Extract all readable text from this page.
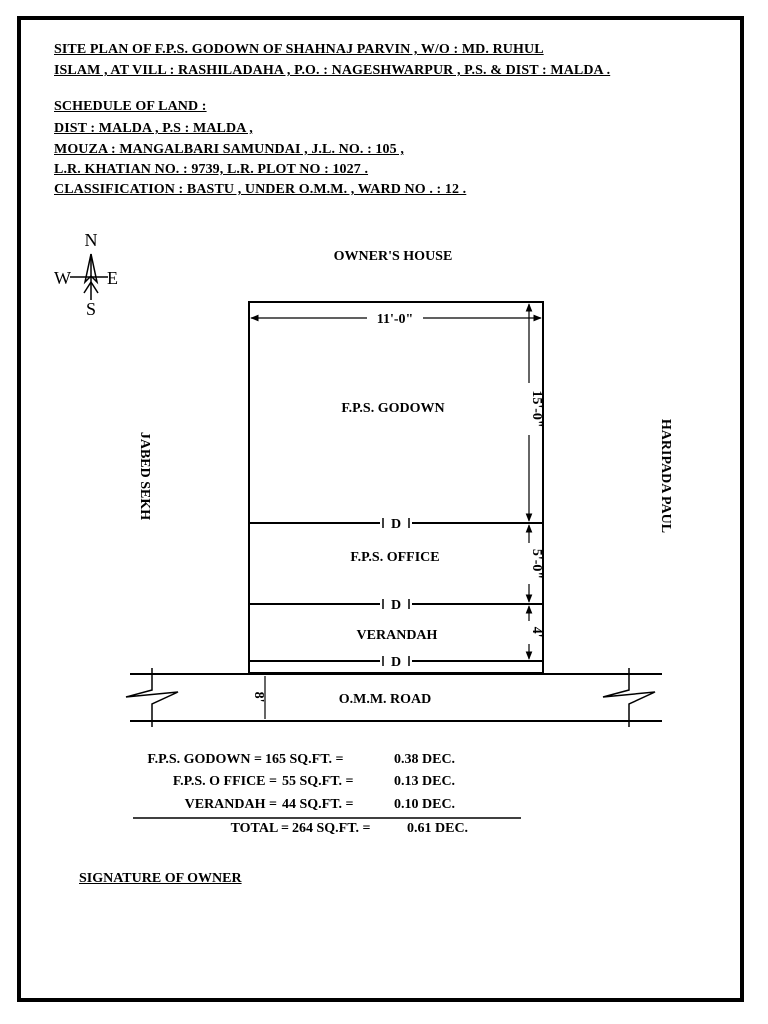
SITE PLAN OF F.P.S. GODOWN OF SHAHNAJ PARVIN , W/O : MD. RUHUL
ISLAM , AT VILL : RASHILADAHA , P.O. : NAGESHWARPUR , P.S. & DIST : MALDA .
SCHEDULE OF LAND :
DIST : MALDA , P.S : MALDA ,
MOUZA : MANGALBARI SAMUNDAI , J.L. NO. : 105 ,
L.R. KHATIAN NO. : 9739, L.R. PLOT NO : 1027 .
CLASSIFICATION : BASTU , UNDER O.M.M. , WARD NO . : 12 .
N
S
W E
OWNER'S HOUSE
JABED SEKH	HARIPADA PAUL
D
D
D
11'-0"
15'-0"
5'-0"
4'
F.P.S. GODOWN
F.P.S. OFFICE
VERANDAH
8'	O.M.M. ROAD
F.P.S. GODOWN = 165 SQ.FT. =	0.38 DEC.
F.P.S. O FFICE = 55 SQ.FT. =	0.13 DEC.
VERANDAH = 44 SQ.FT. =	0.10 DEC.
TOTAL = 264 SQ.FT. =	0.61 DEC.
SIGNATURE OF OWNER
